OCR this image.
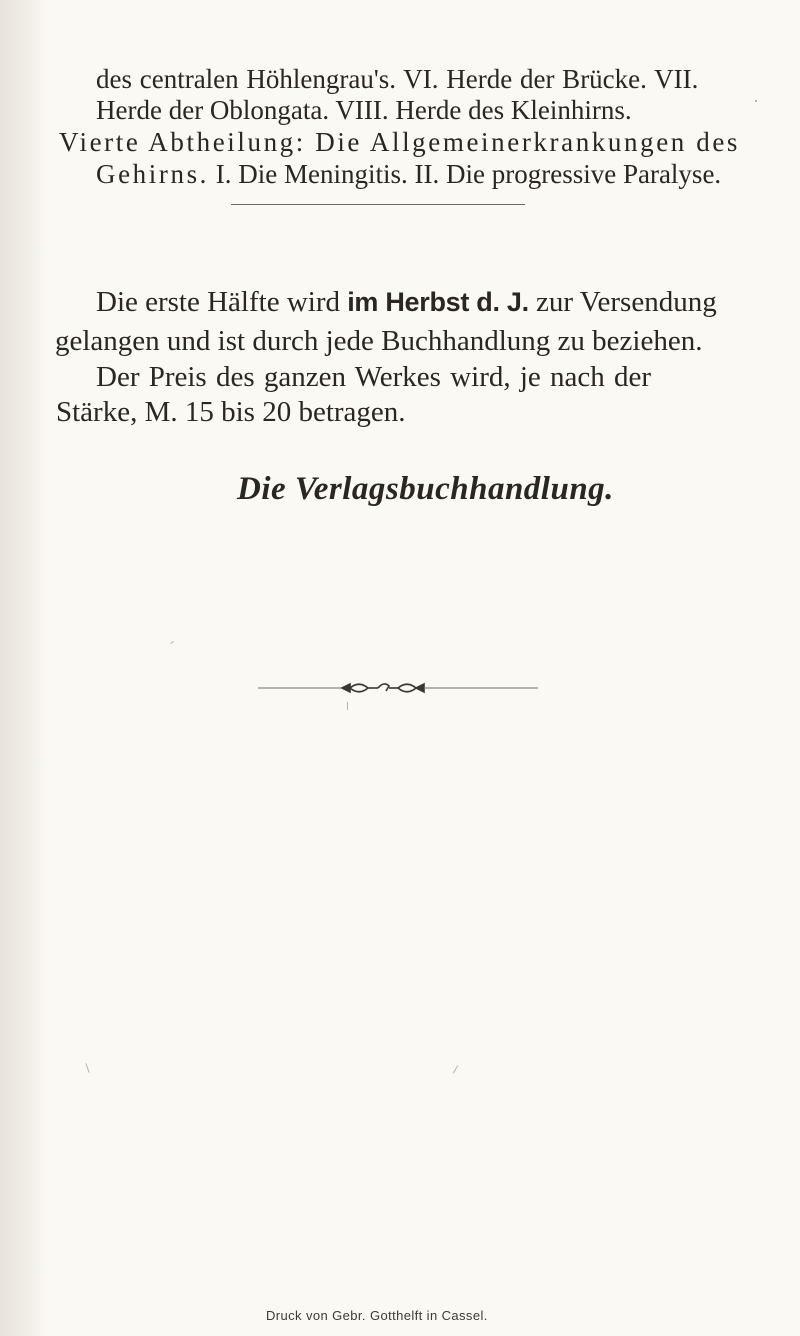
des centralen Höhlengrau's. VI. Herde der Brücke. VII.
Herde der Oblongata. VIII. Herde des Kleinhirns.
Vierte Abtheilung: Die Allgemeinerkrankungen des
Gehirns. I. Die Meningitis. II. Die progressive Paralyse.
Die erste Hälfte wird im Herbst d. J. zur Versendung
gelangen und ist durch jede Buchhandlung zu beziehen.
Der Preis des ganzen Werkes wird, je nach der
Stärke, M. 15 bis 20 betragen.
Die Verlagsbuchhandlung.
Druck von Gebr. Gotthelft in Cassel.
